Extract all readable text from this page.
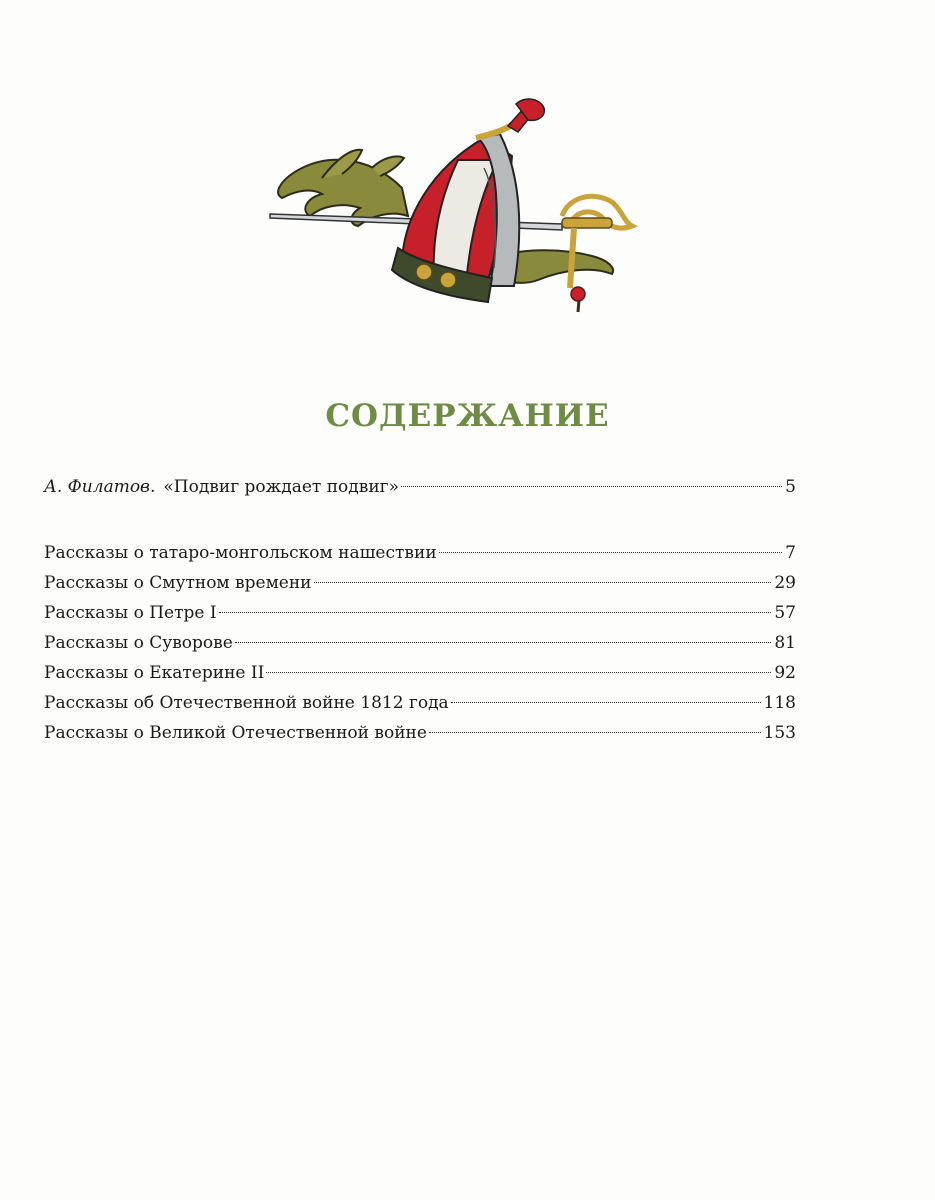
СОДЕРЖАНИЕ
А. Филатов. «Подвиг рождает подвиг»	5
Рассказы о татаро-монгольском нашествии	7
Рассказы о Смутном времени	29
Рассказы о Петре I	57
Рассказы о Суворове	81
Рассказы о Екатерине II	92
Рассказы об Отечественной войне 1812 года	118
Рассказы о Великой Отечественной войне	153
